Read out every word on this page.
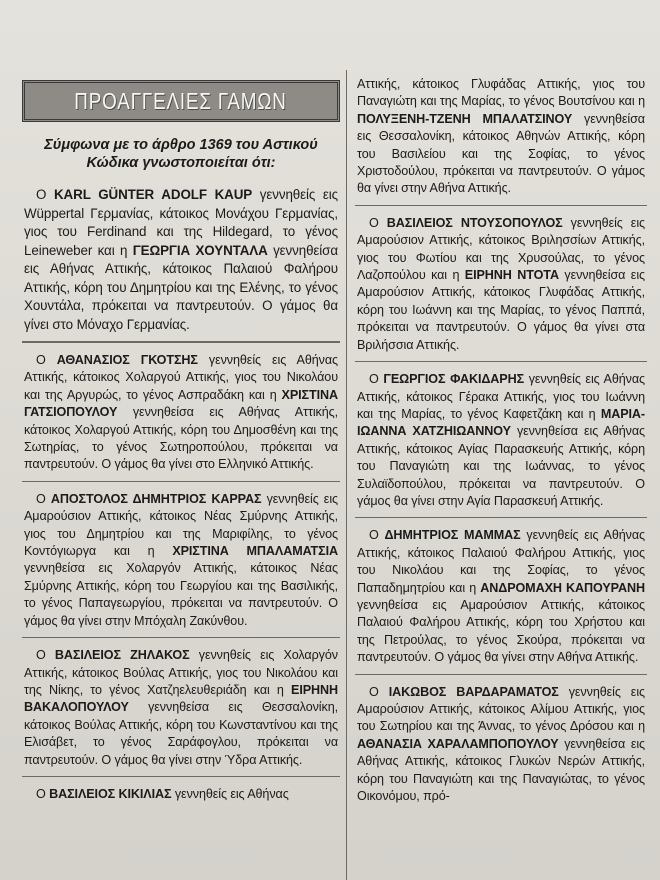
ΠΡΟΑΓΓΕΛΙΕΣ ΓΑΜΩΝ
Σύμφωνα με το άρθρο 1369 του Αστικού Κώδικα γνωστοποιείται ότι:

Ο KARL GÜNTER ADOLF KAUP γεννηθείς εις Wüppertal Γερμανίας, κάτοικος Μονάχου Γερμανίας, γιος του Ferdinand και της Hildegard, το γένος Leineweber και η ΓΕΩΡΓΙΑ ΧΟΥΝΤΑΛΑ γεννηθείσα εις Αθήνας Αττικής, κάτοικος Παλαιού Φαλήρου Αττικής, κόρη του Δημητρίου και της Ελένης, το γένος Χουντάλα, πρόκειται να παντρευτούν. Ο γάμος θα γίνει στο Μόναχο Γερμανίας.

Ο ΑΘΑΝΑΣΙΟΣ ΓΚΟΤΣΗΣ γεννηθείς εις Αθήνας Αττικής, κάτοικος Χολαργού Αττικής, γιος του Νικολάου και της Αργυρώς, το γένος Ασπραδάκη και η ΧΡΙΣΤΙΝΑ ΓΑΤΣΙΟΠΟΥΛΟΥ γεννηθείσα εις Αθήνας Αττικής, κάτοικος Χολαργού Αττικής, κόρη του Δημοσθένη και της Σωτηρίας, το γένος Σωτηροπούλου, πρόκειται να παντρευτούν. Ο γάμος θα γίνει στο Ελληνικό Αττικής.

Ο ΑΠΟΣΤΟΛΟΣ ΔΗΜΗΤΡΙΟΣ ΚΑΡΡΑΣ γεννηθείς εις Αμαρούσιον Αττικής, κάτοικος Νέας Σμύρνης Αττικής, γιος του Δημητρίου και της Μαριφίλης, το γένος Κοντόγιωργα και η ΧΡΙΣΤΙΝΑ ΜΠΑΛΑΜΑΤΣΙΑ γεννηθείσα εις Χολαργόν Αττικής, κάτοικος Νέας Σμύρνης Αττικής, κόρη του Γεωργίου και της Βασιλικής, το γένος Παπαγεωργίου, πρόκειται να παντρευτούν. Ο γάμος θα γίνει στην Μπόχαλη Ζακύνθου.

Ο ΒΑΣΙΛΕΙΟΣ ΖΗΛΑΚΟΣ γεννηθείς εις Χολαργόν Αττικής, κάτοικος Βούλας Αττικής, γιος του Νικολάου και της Νίκης, το γένος Χατζηελευθεριάδη και η ΕΙΡΗΝΗ ΒΑΚΑΛΟΠΟΥΛΟΥ γεννηθείσα εις Θεσσαλονίκη, κάτοικος Βούλας Αττικής, κόρη του Κωνσταντίνου και της Ελισάβετ, το γένος Σαράφογλου, πρόκειται να παντρευτούν. Ο γάμος θα γίνει στην Ύδρα Αττικής.

Ο ΒΑΣΙΛΕΙΟΣ ΚΙΚΙΛΙΑΣ γεννηθείς εις Αθήνας

Αττικής, κάτοικος Γλυφάδας Αττικής, γιος του Παναγιώτη και της Μαρίας, το γένος Βουτσίνου και η ΠΟΛΥΞΕΝΗ-ΤΖΕΝΗ ΜΠΑΛΑΤΣΙΝΟΥ γεννηθείσα εις Θεσσαλονίκη, κάτοικος Αθηνών Αττικής, κόρη του Βασιλείου και της Σοφίας, το γένος Χριστοδούλου, πρόκειται να παντρευτούν. Ο γάμος θα γίνει στην Αθήνα Αττικής.

Ο ΒΑΣΙΛΕΙΟΣ ΝΤΟΥΣΟΠΟΥΛΟΣ γεννηθείς εις Αμαρούσιον Αττικής, κάτοικος Βριλησσίων Αττικής, γιος του Φωτίου και της Χρυσούλας, το γένος Λαζοπούλου και η ΕΙΡΗΝΗ ΝΤΟΤΑ γεννηθείσα εις Αμαρούσιον Αττικής, κάτοικος Γλυφάδας Αττικής, κόρη του Ιωάννη και της Μαρίας, το γένος Παππά, πρόκειται να παντρευτούν. Ο γάμος θα γίνει στα Βριλήσσια Αττικής.

Ο ΓΕΩΡΓΙΟΣ ΦΑΚΙΔΑΡΗΣ γεννηθείς εις Αθήνας Αττικής, κάτοικος Γέρακα Αττικής, γιος του Ιωάννη και της Μαρίας, το γένος Καφετζάκη και η ΜΑΡΙΑ-ΙΩΑΝΝΑ ΧΑΤΖΗΙΩΑΝΝΟΥ γεννηθείσα εις Αθήνας Αττικής, κάτοικος Αγίας Παρασκευής Αττικής, κόρη του Παναγιώτη και της Ιωάννας, το γένος Συλαϊδοπούλου, πρόκειται να παντρευτούν. Ο γάμος θα γίνει στην Αγία Παρασκευή Αττικής.

Ο ΔΗΜΗΤΡΙΟΣ ΜΑΜΜΑΣ γεννηθείς εις Αθήνας Αττικής, κάτοικος Παλαιού Φαλήρου Αττικής, γιος του Νικολάου και της Σοφίας, το γένος Παπαδημητρίου και η ΑΝΔΡΟΜΑΧΗ ΚΑΠΟΥΡΑΝΗ γεννηθείσα εις Αμαρούσιον Αττικής, κάτοικος Παλαιού Φαλήρου Αττικής, κόρη του Χρήστου και της Πετρούλας, το γένος Σκούρα, πρόκειται να παντρευτούν. Ο γάμος θα γίνει στην Αθήνα Αττικής.

Ο ΙΑΚΩΒΟΣ ΒΑΡΔΑΡΑΜΑΤΟΣ γεννηθείς εις Αμαρούσιον Αττικής, κάτοικος Αλίμου Αττικής, γιος του Σωτηρίου και της Άννας, το γένος Δρόσου και η ΑΘΑΝΑΣΙΑ ΧΑΡΑΛΑΜΠΟΠΟΥΛΟΥ γεννηθείσα εις Αθήνας Αττικής, κάτοικος Γλυκών Νερών Αττικής, κόρη του Παναγιώτη και της Παναγιώτας, το γένος Οικονόμου, πρό-
